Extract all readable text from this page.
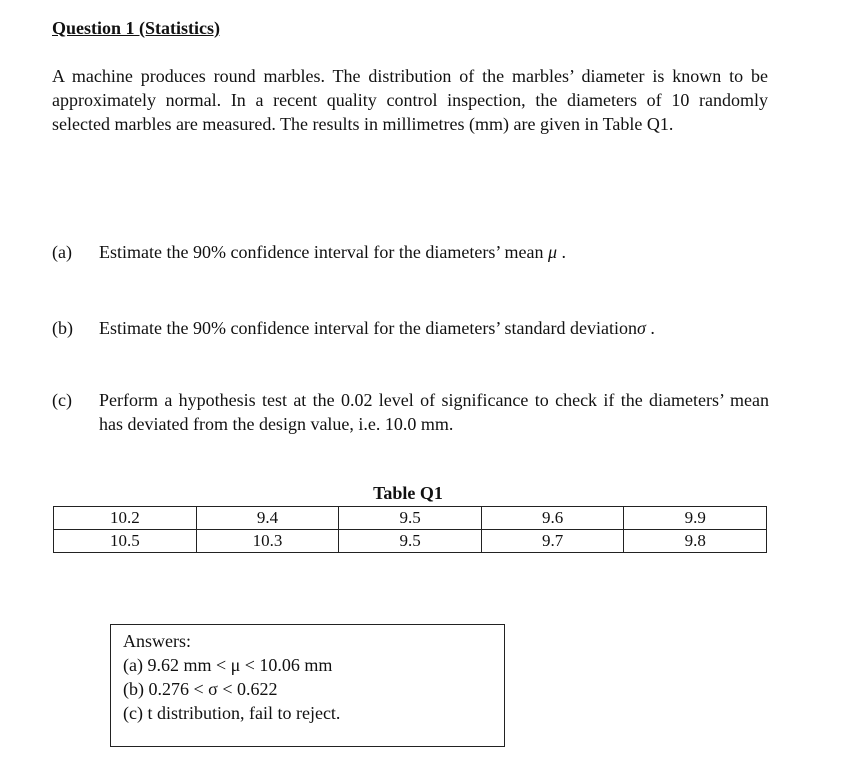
Question 1 (Statistics)
A machine produces round marbles. The distribution of the marbles’ diameter is known to be approximately normal. In a recent quality control inspection, the diameters of 10 randomly selected marbles are measured. The results in millimetres (mm) are given in Table Q1.
(a) Estimate the 90% confidence interval for the diameters’ mean μ .
(b) Estimate the 90% confidence interval for the diameters’ standard deviationσ .
(c) Perform a hypothesis test at the 0.02 level of significance to check if the diameters’ mean has deviated from the design value, i.e. 10.0 mm.
Table Q1
10.2	9.4	9.5	9.6	9.9
10.5	10.3	9.5	9.7	9.8
Answers:
(a) 9.62 mm < μ < 10.06 mm
(b) 0.276 < σ < 0.622
(c) t distribution, fail to reject.
